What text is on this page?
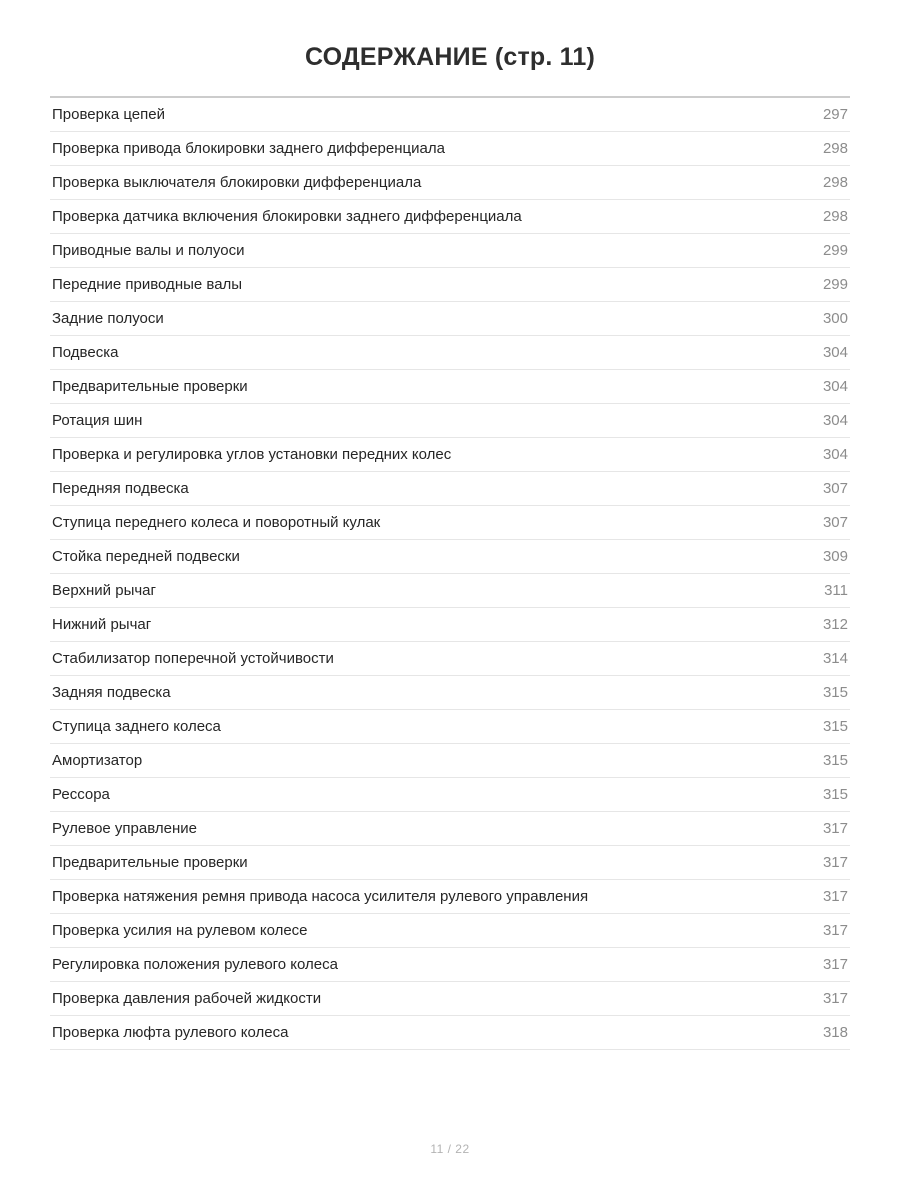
СОДЕРЖАНИЕ (стр. 11)
Проверка цепей	297
Проверка привода блокировки заднего дифференциала	298
Проверка выключателя блокировки дифференциала	298
Проверка датчика включения блокировки заднего дифференциала	298
Приводные валы и полуоси	299
Передние приводные валы	299
Задние полуоси	300
Подвеска	304
Предварительные проверки	304
Ротация шин	304
Проверка и регулировка углов установки передних колес	304
Передняя подвеска	307
Ступица переднего колеса и поворотный кулак	307
Стойка передней подвески	309
Верхний рычаг	311
Нижний рычаг	312
Стабилизатор поперечной устойчивости	314
Задняя подвеска	315
Ступица заднего колеса	315
Амортизатор	315
Рессора	315
Рулевое управление	317
Предварительные проверки	317
Проверка натяжения ремня привода насоса усилителя рулевого управления	317
Проверка усилия на рулевом колесе	317
Регулировка положения рулевого колеса	317
Проверка давления рабочей жидкости	317
Проверка люфта рулевого колеса	318
11 / 22
